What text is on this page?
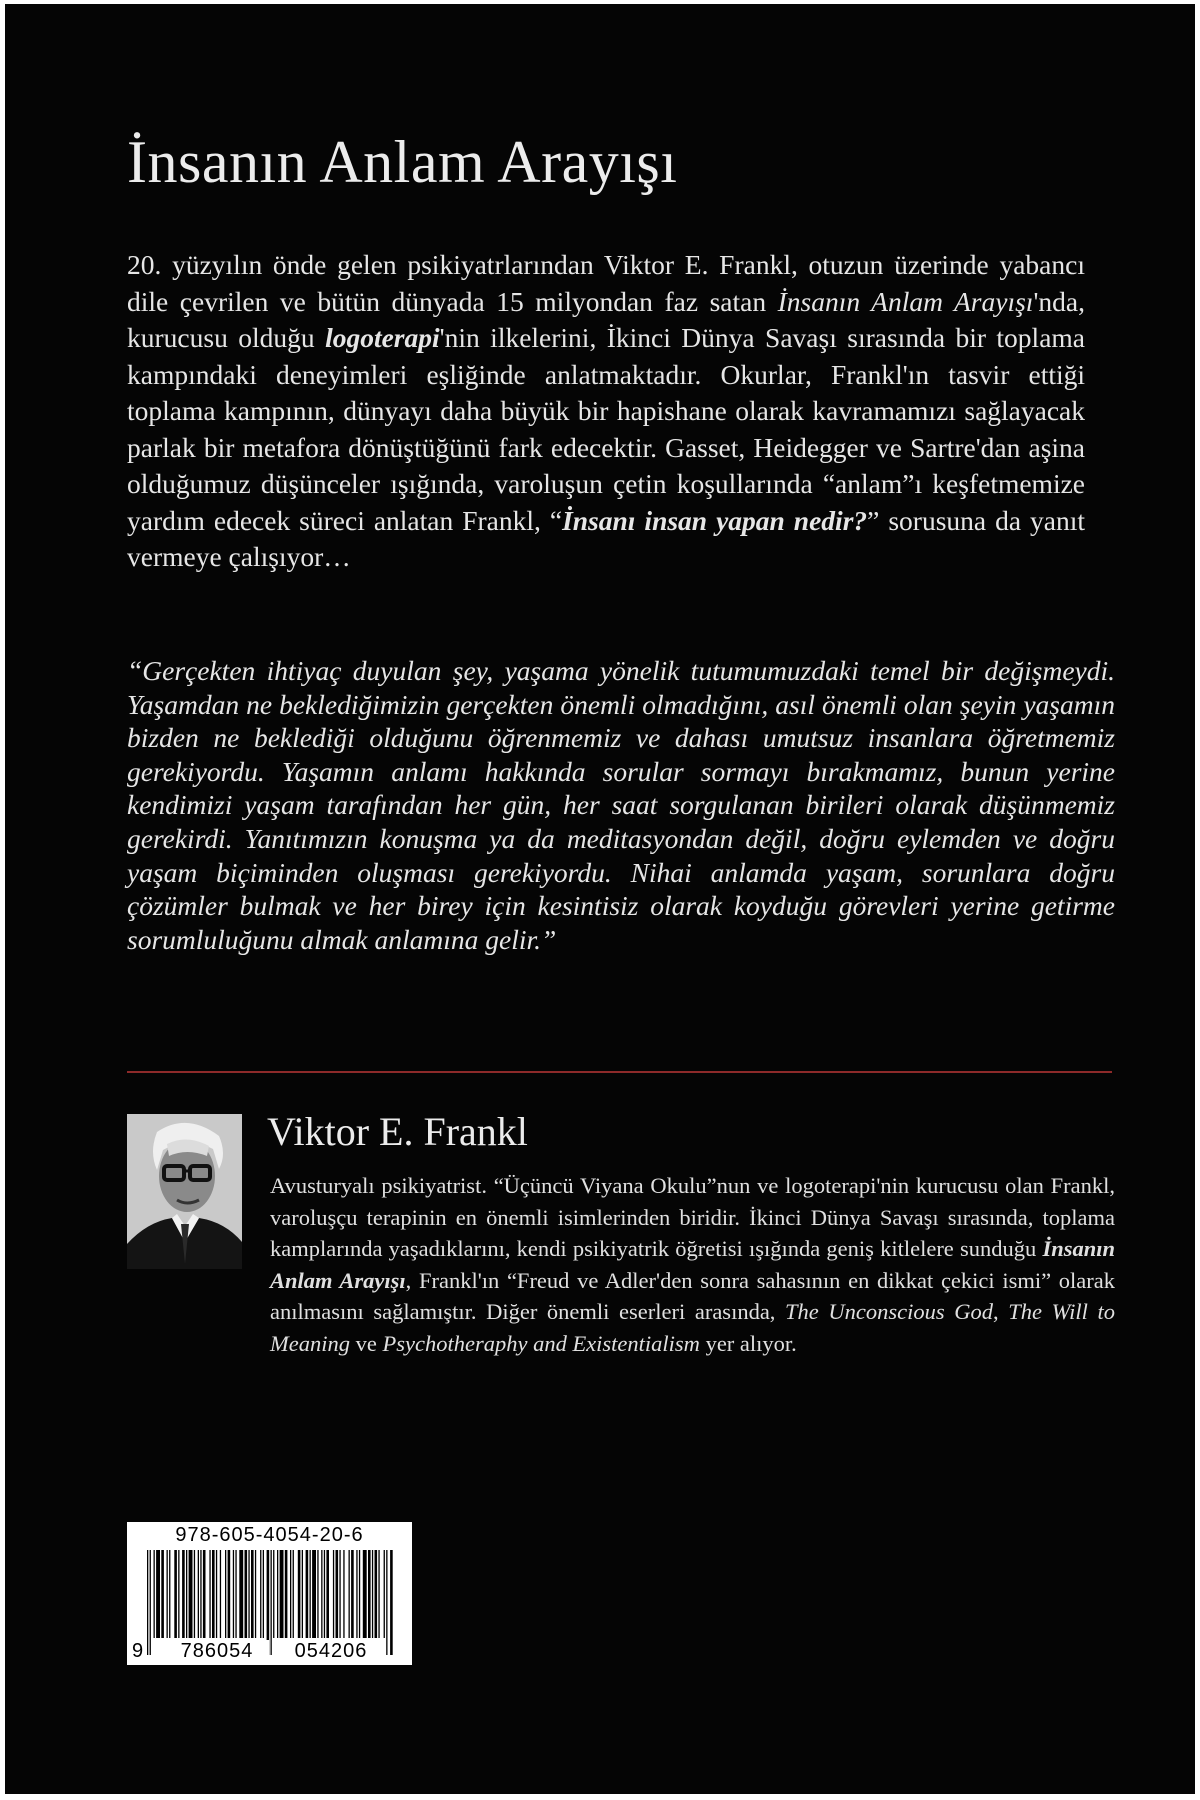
İnsanın Anlam Arayışı
20. yüzyılın önde gelen psikiyatrlarından Viktor E. Frankl, otuzun üzerinde yabancı dile çevrilen ve bütün dünyada 15 milyondan faz satan İnsanın Anlam Arayışı'nda, kurucusu olduğu logoterapi'nin ilkelerini, İkinci Dünya Savaşı sırasında bir toplama kampındaki deneyimleri eşliğinde anlatmaktadır. Okurlar, Frankl'ın tasvir ettiği toplama kampının, dünyayı daha büyük bir hapishane olarak kavramamızı sağlayacak parlak bir metafora dönüştüğünü fark edecektir. Gasset, Heidegger ve Sartre'dan aşina olduğumuz düşünceler ışığında, varoluşun çetin koşullarında “anlam”ı keşfetmemize yardım edecek süreci anlatan Frankl, “İnsanı insan yapan nedir?” sorusuna da yanıt vermeye çalışıyor…
“Gerçekten ihtiyaç duyulan şey, yaşama yönelik tutumumuzdaki temel bir değişmeydi. Yaşamdan ne beklediğimizin gerçekten önemli olmadığını, asıl önemli olan şeyin yaşamın bizden ne beklediği olduğunu öğrenmemiz ve dahası umutsuz insanlara öğretmemiz gerekiyordu. Yaşamın anlamı hakkında sorular sormayı bırakmamız, bunun yerine kendimizi yaşam tarafından her gün, her saat sorgulanan birileri olarak düşünmemiz gerekirdi. Yanıtımızın konuşma ya da meditasyondan değil, doğru eylemden ve doğru yaşam biçiminden oluşması gerekiyordu. Nihai anlamda yaşam, sorunlara doğru çözümler bulmak ve her birey için kesintisiz olarak koyduğu görevleri yerine getirme sorumluluğunu almak anlamına gelir.”
Viktor E. Frankl
Avusturyalı psikiyatrist. “Üçüncü Viyana Okulu”nun ve logoterapi'nin kurucusu olan Frankl, varoluşçu terapinin en önemli isimlerinden biridir. İkinci Dünya Savaşı sırasında, toplama kamplarında yaşadıklarını, kendi psikiyatrik öğretisi ışığında geniş kitlelere sunduğu İnsanın Anlam Arayışı, Frankl'ın “Freud ve Adler'den sonra sahasının en dikkat çekici ismi” olarak anılmasını sağlamıştır. Diğer önemli eserleri arasında, The Unconscious God, The Will to Meaning ve Psychotheraphy and Existentialism yer alıyor.
978-605-4054-20-6
9	786054	054206
